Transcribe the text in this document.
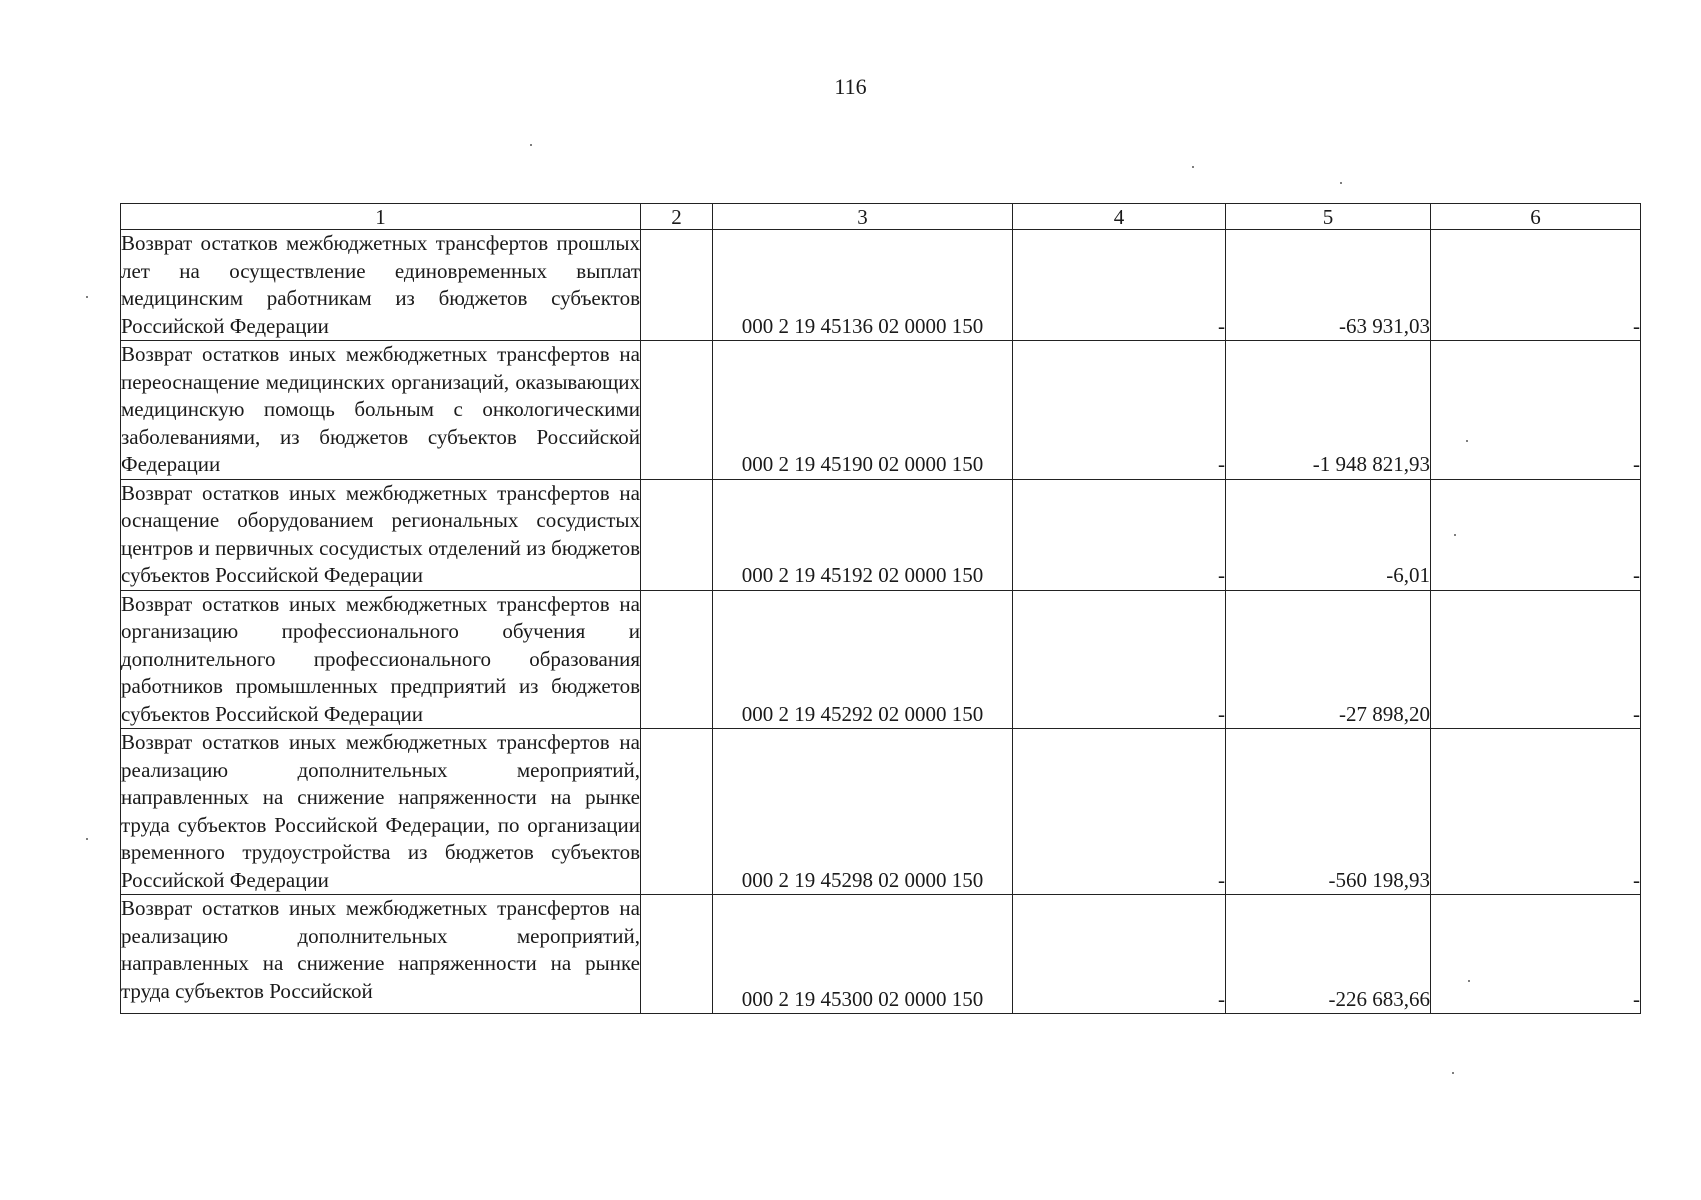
116
1	2	3	4	5	6
Возврат остатков межбюджетных трансфертов прошлых лет на осуществление единовременных выплат медицинским работникам из бюджетов субъектов Российской Федерации		000 2 19 45136 02 0000 150	-	-63 931,03	-
Возврат остатков иных межбюджетных трансфертов на переоснащение медицинских организаций, оказывающих медицинскую помощь больным с онкологическими заболеваниями, из бюджетов субъектов Российской Федерации		000 2 19 45190 02 0000 150	-	-1 948 821,93	-
Возврат остатков иных межбюджетных трансфертов на оснащение оборудованием региональных сосудистых центров и первичных сосудистых отделений из бюджетов субъектов Российской Федерации		000 2 19 45192 02 0000 150	-	-6,01	-
Возврат остатков иных межбюджетных трансфертов на организацию профессионального обучения и дополнительного профессионального образования работников промышленных предприятий из бюджетов субъектов Российской Федерации		000 2 19 45292 02 0000 150	-	-27 898,20	-
Возврат остатков иных межбюджетных трансфертов на реализацию дополнительных мероприятий, направленных на снижение напряженности на рынке труда субъектов Российской Федерации, по организации временного трудоустройства из бюджетов субъектов Российской Федерации		000 2 19 45298 02 0000 150	-	-560 198,93	-
Возврат остатков иных межбюджетных трансфертов на реализацию дополнительных мероприятий, направленных на снижение напряженности на рынке труда субъектов Российской		000 2 19 45300 02 0000 150	-	-226 683,66	-
